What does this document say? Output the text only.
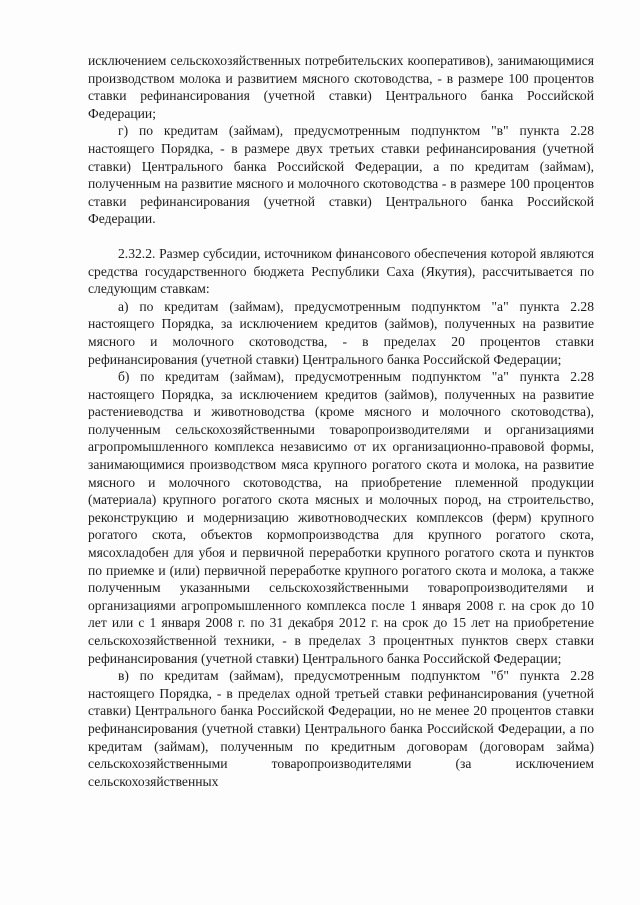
исключением сельскохозяйственных потребительских кооперативов), занимающимися производством молока и развитием мясного скотоводства, - в размере 100 процентов ставки рефинансирования (учетной ставки) Центрального банка Российской Федерации;

г) по кредитам (займам), предусмотренным подпунктом "в" пункта 2.28 настоящего Порядка, - в размере двух третьих ставки рефинансирования (учетной ставки) Центрального банка Российской Федерации, а по кредитам (займам), полученным на развитие мясного и молочного скотоводства - в размере 100 процентов ставки рефинансирования (учетной ставки) Центрального банка Российской Федерации.

2.32.2. Размер субсидии, источником финансового обеспечения которой являются средства государственного бюджета Республики Саха (Якутия), рассчитывается по следующим ставкам:

а) по кредитам (займам), предусмотренным подпунктом "а" пункта 2.28 настоящего Порядка, за исключением кредитов (займов), полученных на развитие мясного и молочного скотоводства, - в пределах 20 процентов ставки рефинансирования (учетной ставки) Центрального банка Российской Федерации;

б) по кредитам (займам), предусмотренным подпунктом "а" пункта 2.28 настоящего Порядка, за исключением кредитов (займов), полученных на развитие растениеводства и животноводства (кроме мясного и молочного скотоводства), полученным сельскохозяйственными товаропроизводителями и организациями агропромышленного комплекса независимо от их организационно-правовой формы, занимающимися производством мяса крупного рогатого скота и молока, на развитие мясного и молочного скотоводства, на приобретение племенной продукции (материала) крупного рогатого скота мясных и молочных пород, на строительство, реконструкцию и модернизацию животноводческих комплексов (ферм) крупного рогатого скота, объектов кормопроизводства для крупного рогатого скота, мясохладобен для убоя и первичной переработки крупного рогатого скота и пунктов по приемке и (или) первичной переработке крупного рогатого скота и молока, а также полученным указанными сельскохозяйственными товаропроизводителями и организациями агропромышленного комплекса после 1 января 2008 г. на срок до 10 лет или с 1 января 2008 г. по 31 декабря 2012 г. на срок до 15 лет на приобретение сельскохозяйственной техники, - в пределах 3 процентных пунктов сверх ставки рефинансирования (учетной ставки) Центрального банка Российской Федерации;

в) по кредитам (займам), предусмотренным подпунктом "б" пункта 2.28 настоящего Порядка, - в пределах одной третьей ставки рефинансирования (учетной ставки) Центрального банка Российской Федерации, но не менее 20 процентов ставки рефинансирования (учетной ставки) Центрального банка Российской Федерации, а по кредитам (займам), полученным по кредитным договорам (договорам займа) сельскохозяйственными товаропроизводителями (за исключением сельскохозяйственных
